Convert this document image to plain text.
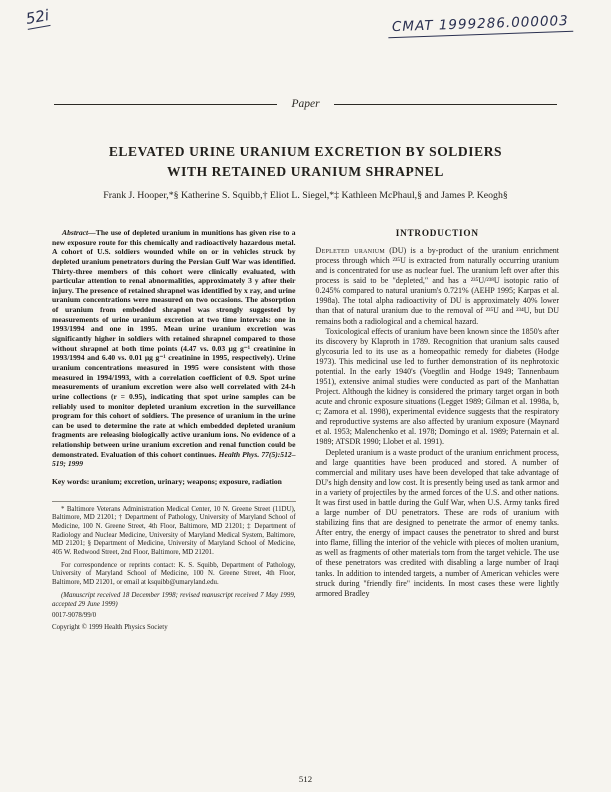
52i	CMAT 1999286.000003
Paper
ELEVATED URINE URANIUM EXCRETION BY SOLDIERS
WITH RETAINED URANIUM SHRAPNEL
Frank J. Hooper,*§ Katherine S. Squibb,† Eliot L. Siegel,*‡ Kathleen McPhaul,§ and James P. Keogh§

Abstract—The use of depleted uranium in munitions has given rise to a new exposure route for this chemically and radioactively hazardous metal. A cohort of U.S. soldiers wounded while on or in vehicles struck by depleted uranium penetrators during the Persian Gulf War was identified. Thirty-three members of this cohort were clinically evaluated, with particular attention to renal abnormalities, approximately 3 y after their injury. The presence of retained shrapnel was identified by x ray, and urine uranium concentrations were measured on two occasions. The absorption of uranium from embedded shrapnel was strongly suggested by measurements of urine uranium excretion at two time intervals: one in 1993/1994 and one in 1995. Mean urine uranium excretion was significantly higher in soldiers with retained shrapnel compared to those without shrapnel at both time points (4.47 vs. 0.03 μg g⁻¹ creatinine in 1993/1994 and 6.40 vs. 0.01 μg g⁻¹ creatinine in 1995, respectively). Urine uranium concentrations measured in 1995 were consistent with those measured in 1994/1993, with a correlation coefficient of 0.9. Spot urine measurements of uranium excretion were also well correlated with 24-h urine collections (r = 0.95), indicating that spot urine samples can be reliably used to monitor depleted uranium excretion in the surveillance program for this cohort of soldiers. The presence of uranium in the urine can be used to determine the rate at which embedded depleted uranium fragments are releasing biologically active uranium ions. No evidence of a relationship between urine uranium excretion and renal function could be demonstrated. Evaluation of this cohort continues. Health Phys. 77(5):512–519; 1999

Key words: uranium; excretion, urinary; weapons; exposure, radiation

* Baltimore Veterans Administration Medical Center, 10 N. Greene Street (11DU), Baltimore, MD 21201; † Department of Pathology, University of Maryland School of Medicine, 100 N. Greene Street, 4th Floor, Baltimore, MD 21201; ‡ Department of Radiology and Nuclear Medicine, University of Maryland Medical System, Baltimore, MD 21201; § Department of Medicine, University of Maryland School of Medicine, 405 W. Redwood Street, 2nd Floor, Baltimore, MD 21201.

For correspondence or reprints contact: K. S. Squibb, Department of Pathology, University of Maryland School of Medicine, 100 N. Greene Street, 4th Floor, Baltimore, MD 21201, or email at ksquibb@umaryland.edu.

(Manuscript received 18 December 1998; revised manuscript received 7 May 1999, accepted 29 June 1999)

0017-9078/99/0

Copyright © 1999 Health Physics Society

INTRODUCTION

Depleted uranium (DU) is a by-product of the uranium enrichment process through which ²³⁵U is extracted from naturally occurring uranium and is concentrated for use as nuclear fuel. The uranium left over after this process is said to be "depleted," and has a ²³⁵U/²³⁸U isotopic ratio of 0.245% compared to natural uranium's 0.721% (AEHP 1995; Karpas et al. 1998a). The total alpha radioactivity of DU is approximately 40% lower than that of natural uranium due to the removal of ²³⁵U and ²³⁴U, but DU remains both a radiological and a chemical hazard.

Toxicological effects of uranium have been known since the 1850's after its discovery by Klaproth in 1789. Recognition that uranium salts caused glycosuria led to its use as a homeopathic remedy for diabetes (Hodge 1973). This medicinal use led to further demonstration of its nephrotoxic potential. In the early 1940's (Voegtlin and Hodge 1949; Tannenbaum 1951), extensive animal studies were conducted as part of the Manhattan Project. Although the kidney is considered the primary target organ in both acute and chronic exposure situations (Legget 1989; Gilman et al. 1998a, b, c; Zamora et al. 1998), experimental evidence suggests that the respiratory and reproductive systems are also affected by uranium exposure (Maynard et al. 1953; Malenchenko et al. 1978; Domingo et al. 1989; Paternain et al. 1989; ATSDR 1990; Llobet et al. 1991).

Depleted uranium is a waste product of the uranium enrichment process, and large quantities have been produced and stored. A number of commercial and military uses have been developed that take advantage of DU's high density and low cost. It is presently being used as tank armor and in a variety of projectiles by the armed forces of the U.S. and other nations. It was first used in battle during the Gulf War, when U.S. Army tanks fired a large number of DU penetrators. These are rods of uranium with stabilizing fins that are designed to penetrate the armor of enemy tanks. After entry, the energy of impact causes the penetrator to shred and burst into flame, filling the interior of the vehicle with pieces of molten uranium, as well as fragments of other materials torn from the target vehicle. The use of these penetrators was credited with disabling a large number of Iraqi tanks. In addition to intended targets, a number of American vehicles were struck during "friendly fire" incidents. In most cases these were lightly armored Bradley

512
